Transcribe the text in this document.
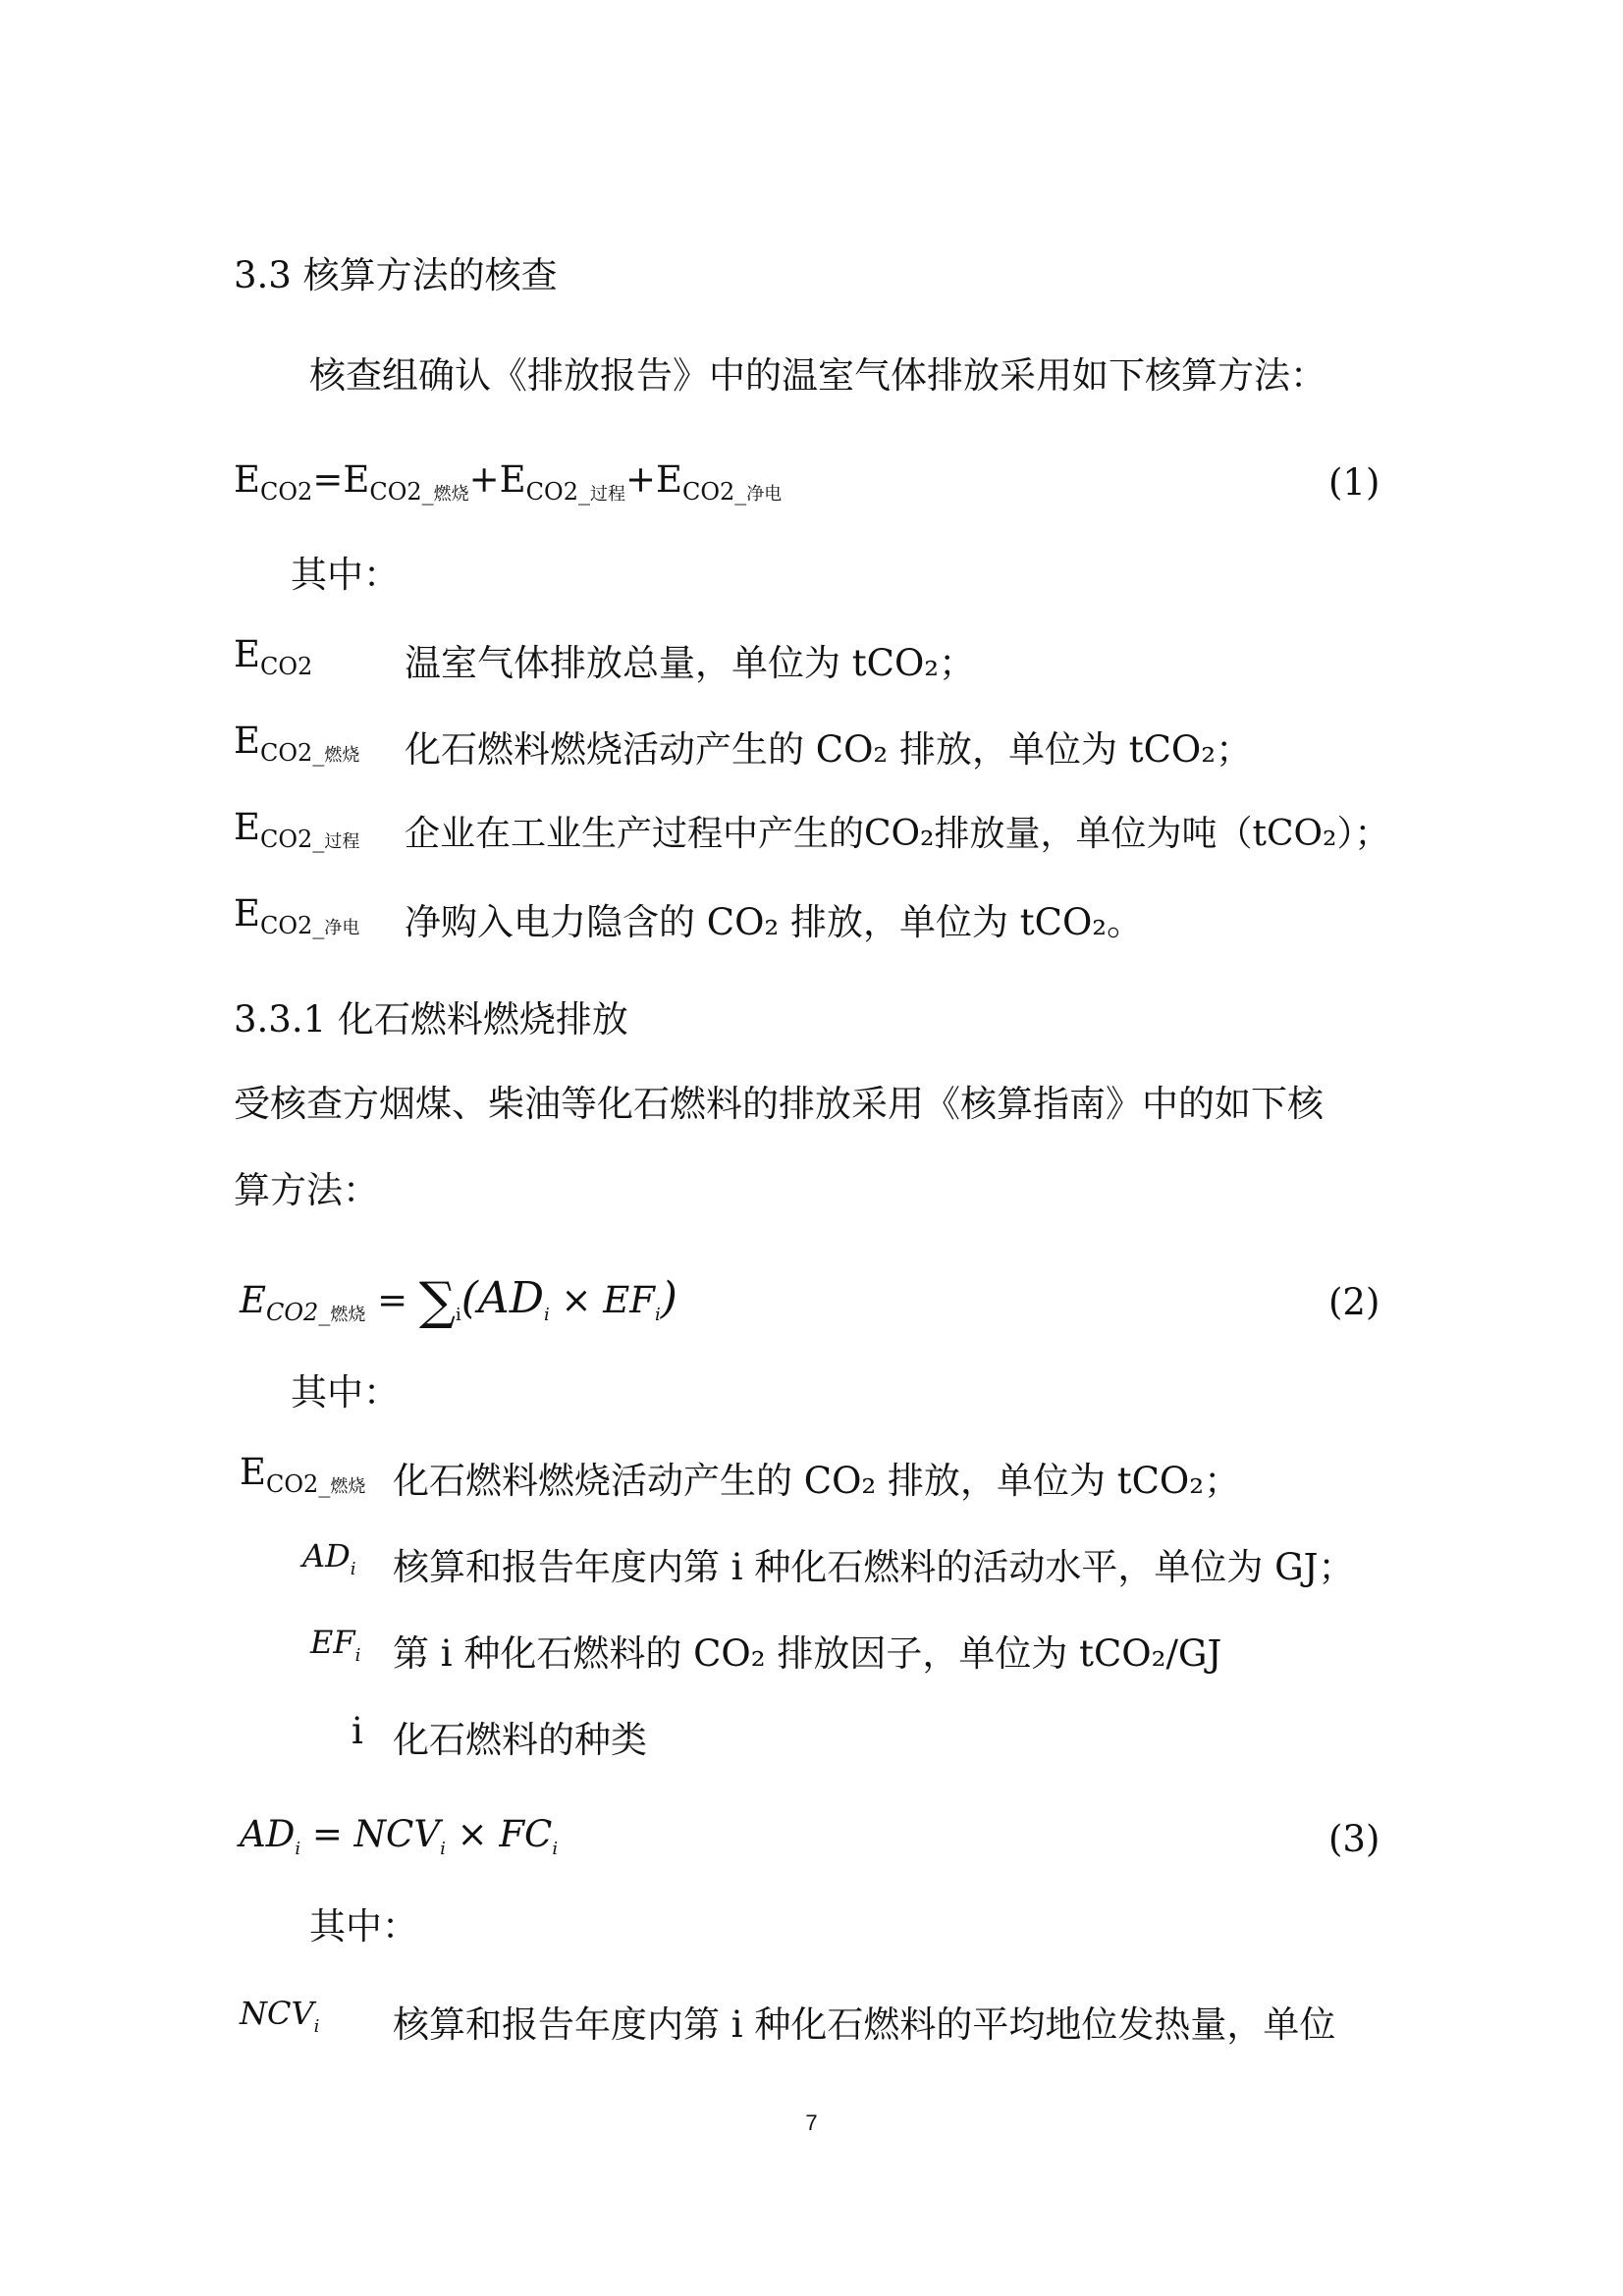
3.3 核算方法的核查
核查组确认《排放报告》中的温室气体排放采用如下核算方法：
$E_{CO2}=E_{CO2\_燃烧}+E_{CO2\_过程}+E_{CO2\_净电}$	(1)
其中：
$E_{CO2}$	温室气体排放总量，单位为 tCO₂；
$E_{CO2\_燃烧}$ 化石燃料燃烧活动产生的 CO₂ 排放，单位为 tCO₂；
$E_{CO2\_过程}$ 企业在工业生产过程中产生的CO₂排放量，单位为吨（tCO₂）；
$E_{CO2\_净电}$ 净购入电力隐含的 CO₂ 排放，单位为 tCO₂。
3.3.1 化石燃料燃烧排放
受核查方烟煤、柴油等化石燃料的排放采用《核算指南》中的如下核
算方法：
$E_{CO2\_燃烧} = \sum_i(AD_i \times EF_i)$	(2)
其中：
$E_{CO2\_燃烧}$ 化石燃料燃烧活动产生的 CO₂ 排放，单位为 tCO₂；
$AD_i$ 核算和报告年度内第 i 种化石燃料的活动水平，单位为 GJ；
$EF_i$ 第 i 种化石燃料的 CO₂ 排放因子，单位为 tCO₂/GJ
i 化石燃料的种类
$AD_i = NCV_i \times FC_i$	(3)
其中：
$NCV_i$ 核算和报告年度内第 i 种化石燃料的平均地位发热量，单位
7
